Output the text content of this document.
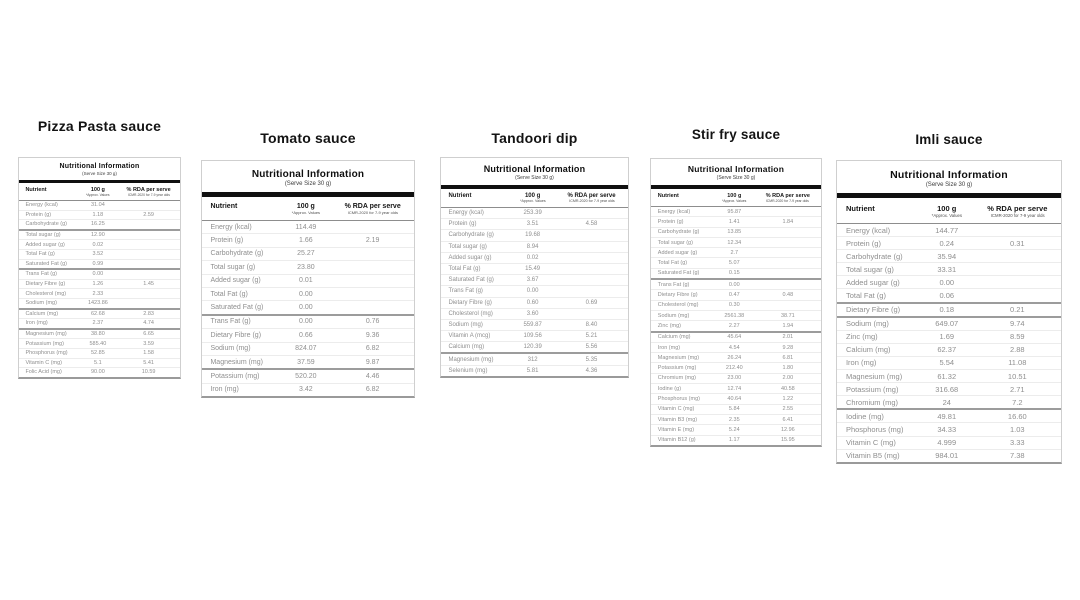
Pizza Pasta sauce
Nutritional Information
(Serve Size 30 g)
Nutrient	100 g
*Approx. Values
% RDA per serve
ICMR-2020 for 7-9 year olds
Energy (kcal)	31.04
Protein (g)	1.18	2.59
Carbohydrate (g)	16.25
Total sugar (g)	12.90
Added sugar (g)	0.02
Total Fat (g)	3.52
Saturated Fat (g)	0.99
Trans Fat (g)	0.00
Dietary Fibre (g)	1.26	1.45
Cholesterol (mg)	2.33
Sodium (mg)	1423.86
Calcium (mg)	62.68	2.83
Iron (mg)	2.37	4.74
Magnesium (mg)	38.80	6.65
Potassium (mg)	585.40	3.59
Phosphorus (mg)	52.85	1.58
Vitamin C (mg)	5.1	5.41
Folic Acid (mg)	90.00	10.59
Tomato sauce
Nutritional Information
(Serve Size 30 g)
Nutrient	100 g
*Approx. Values
% RDA per serve
ICMR-2020 for 7-9 year olds
Energy (kcal)	114.49
Protein (g)	1.66	2.19
Carbohydrate (g)	25.27
Total sugar (g)	23.80
Added sugar (g)	0.01
Total Fat (g)	0.00
Saturated Fat (g)	0.00
Trans Fat (g)	0.00	0.76
Dietary Fibre (g)	0.66	9.36
Sodium (mg)	824.07	6.82
Magnesium (mg)	37.59	9.87
Potassium (mg)	520.20	4.46
Iron (mg)	3.42	6.82
Tandoori dip
Nutritional Information
(Serve Size 30 g)
Nutrient	100 g
*Approx. Values
% RDA per serve
ICMR-2020 for 7-9 year olds
Energy (kcal)	253.39
Protein (g)	3.51	4.58
Carbohydrate (g)	19.68
Total sugar (g)	8.94
Added sugar (g)	0.02
Total Fat (g)	15.49
Saturated Fat (g)	3.67
Trans Fat (g)	0.00
Dietary Fibre (g)	0.60	0.69
Cholesterol (mg)	3.60
Sodium (mg)	559.87	8.40
Vitamin A (mcg)	109.56	5.21
Calcium (mg)	120.39	5.56
Magnesium (mg)	312	5.35
Selenium (mg)	5.81	4.36
Stir fry sauce
Nutritional Information
(Serve Size 30 g)
Nutrient	100 g
*Approx. Values
% RDA per serve
ICMR-2020 for 7-9 year olds
Energy (kcal)	95.87
Protein (g)	1.41	1.84
Carbohydrate (g)	13.85
Total sugar (g)	12.34
Added sugar (g)	2.7
Total Fat (g)	5.07
Saturated Fat (g)	0.15
Trans Fat (g)	0.00
Dietary Fibre (g)	0.47	0.48
Cholesterol (mg)	0.30
Sodium (mg)	2561.38	38.71
Zinc (mg)	2.27	1.94
Calcium (mg)	45.64	2.01
Iron (mg)	4.54	9.28
Magnesium (mg)	26.24	6.81
Potassium (mg)	212.40	1.80
Chromium (mg)	23.00	2.00
Iodine (g)	12.74	40.58
Phosphorus (mg)	40.64	1.22
Vitamin C (mg)	5.84	2.55
Vitamin B3 (mg)	2.35	6.41
Vitamin E (mg)	5.24	12.96
Vitamin B12 (g)	1.17	15.95
Imli sauce
Nutritional Information
(Serve Size 30 g)
Nutrient	100 g
*Approx. Values
% RDA per serve
ICMR-2020 for 7-9 year olds
Energy (kcal)	144.77
Protein (g)	0.24	0.31
Carbohydrate (g)	35.94
Total sugar (g)	33.31
Added sugar (g)	0.00
Total Fat (g)	0.06
Dietary Fibre (g)	0.18	0.21
Sodium (mg)	649.07	9.74
Zinc (mg)	1.69	8.59
Calcium (mg)	62.37	2.88
Iron (mg)	5.54	11.08
Magnesium (mg)	61.32	10.51
Potassium (mg)	316.68	2.71
Chromium (mg)	24	7.2
Iodine (mg)	49.81	16.60
Phosphorus (mg)	34.33	1.03
Vitamin C (mg)	4.999	3.33
Vitamin B5 (mg)	984.01	7.38
